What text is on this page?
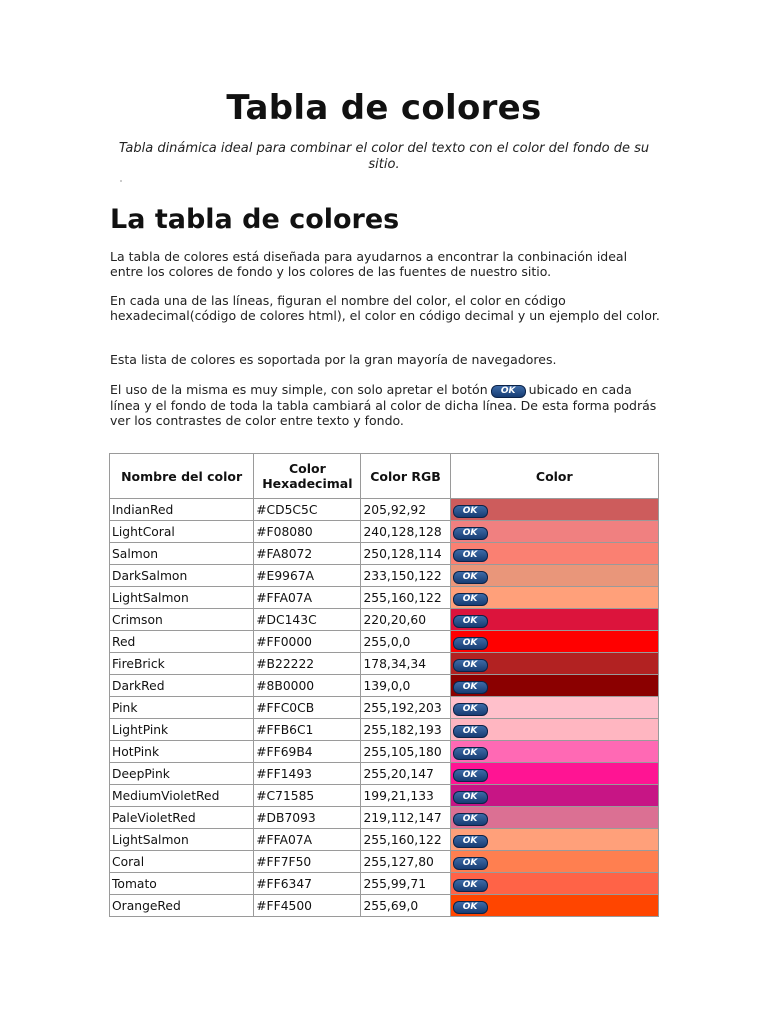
Tabla de colores

Tabla dinámica ideal para combinar el color del texto con el color del fondo de su sitio.

La tabla de colores

La tabla de colores está diseñada para ayudarnos a encontrar la conbinación ideal entre los colores de fondo y los colores de las fuentes de nuestro sitio.

En cada una de las líneas, figuran el nombre del color, el color en código hexadecimal(código de colores html), el color en código decimal y un ejemplo del color.

Esta lista de colores es soportada por la gran mayoría de navegadores.

El uso de la misma es muy simple, con solo apretar el botón OK ubicado en cada línea y el fondo de toda la tabla cambiará al color de dicha línea. De esta forma podrás ver los contrastes de color entre texto y fondo.

Nombre del color	Color Hexadecimal	Color RGB	Color
IndianRed	#CD5C5C	205,92,92	OK
LightCoral	#F08080	240,128,128	OK
Salmon	#FA8072	250,128,114	OK
DarkSalmon	#E9967A	233,150,122	OK
LightSalmon	#FFA07A	255,160,122	OK
Crimson	#DC143C	220,20,60	OK
Red	#FF0000	255,0,0	OK
FireBrick	#B22222	178,34,34	OK
DarkRed	#8B0000	139,0,0	OK
Pink	#FFC0CB	255,192,203	OK
LightPink	#FFB6C1	255,182,193	OK
HotPink	#FF69B4	255,105,180	OK
DeepPink	#FF1493	255,20,147	OK
MediumVioletRed	#C71585	199,21,133	OK
PaleVioletRed	#DB7093	219,112,147	OK
LightSalmon	#FFA07A	255,160,122	OK
Coral	#FF7F50	255,127,80	OK
Tomato	#FF6347	255,99,71	OK
OrangeRed	#FF4500	255,69,0	OK
